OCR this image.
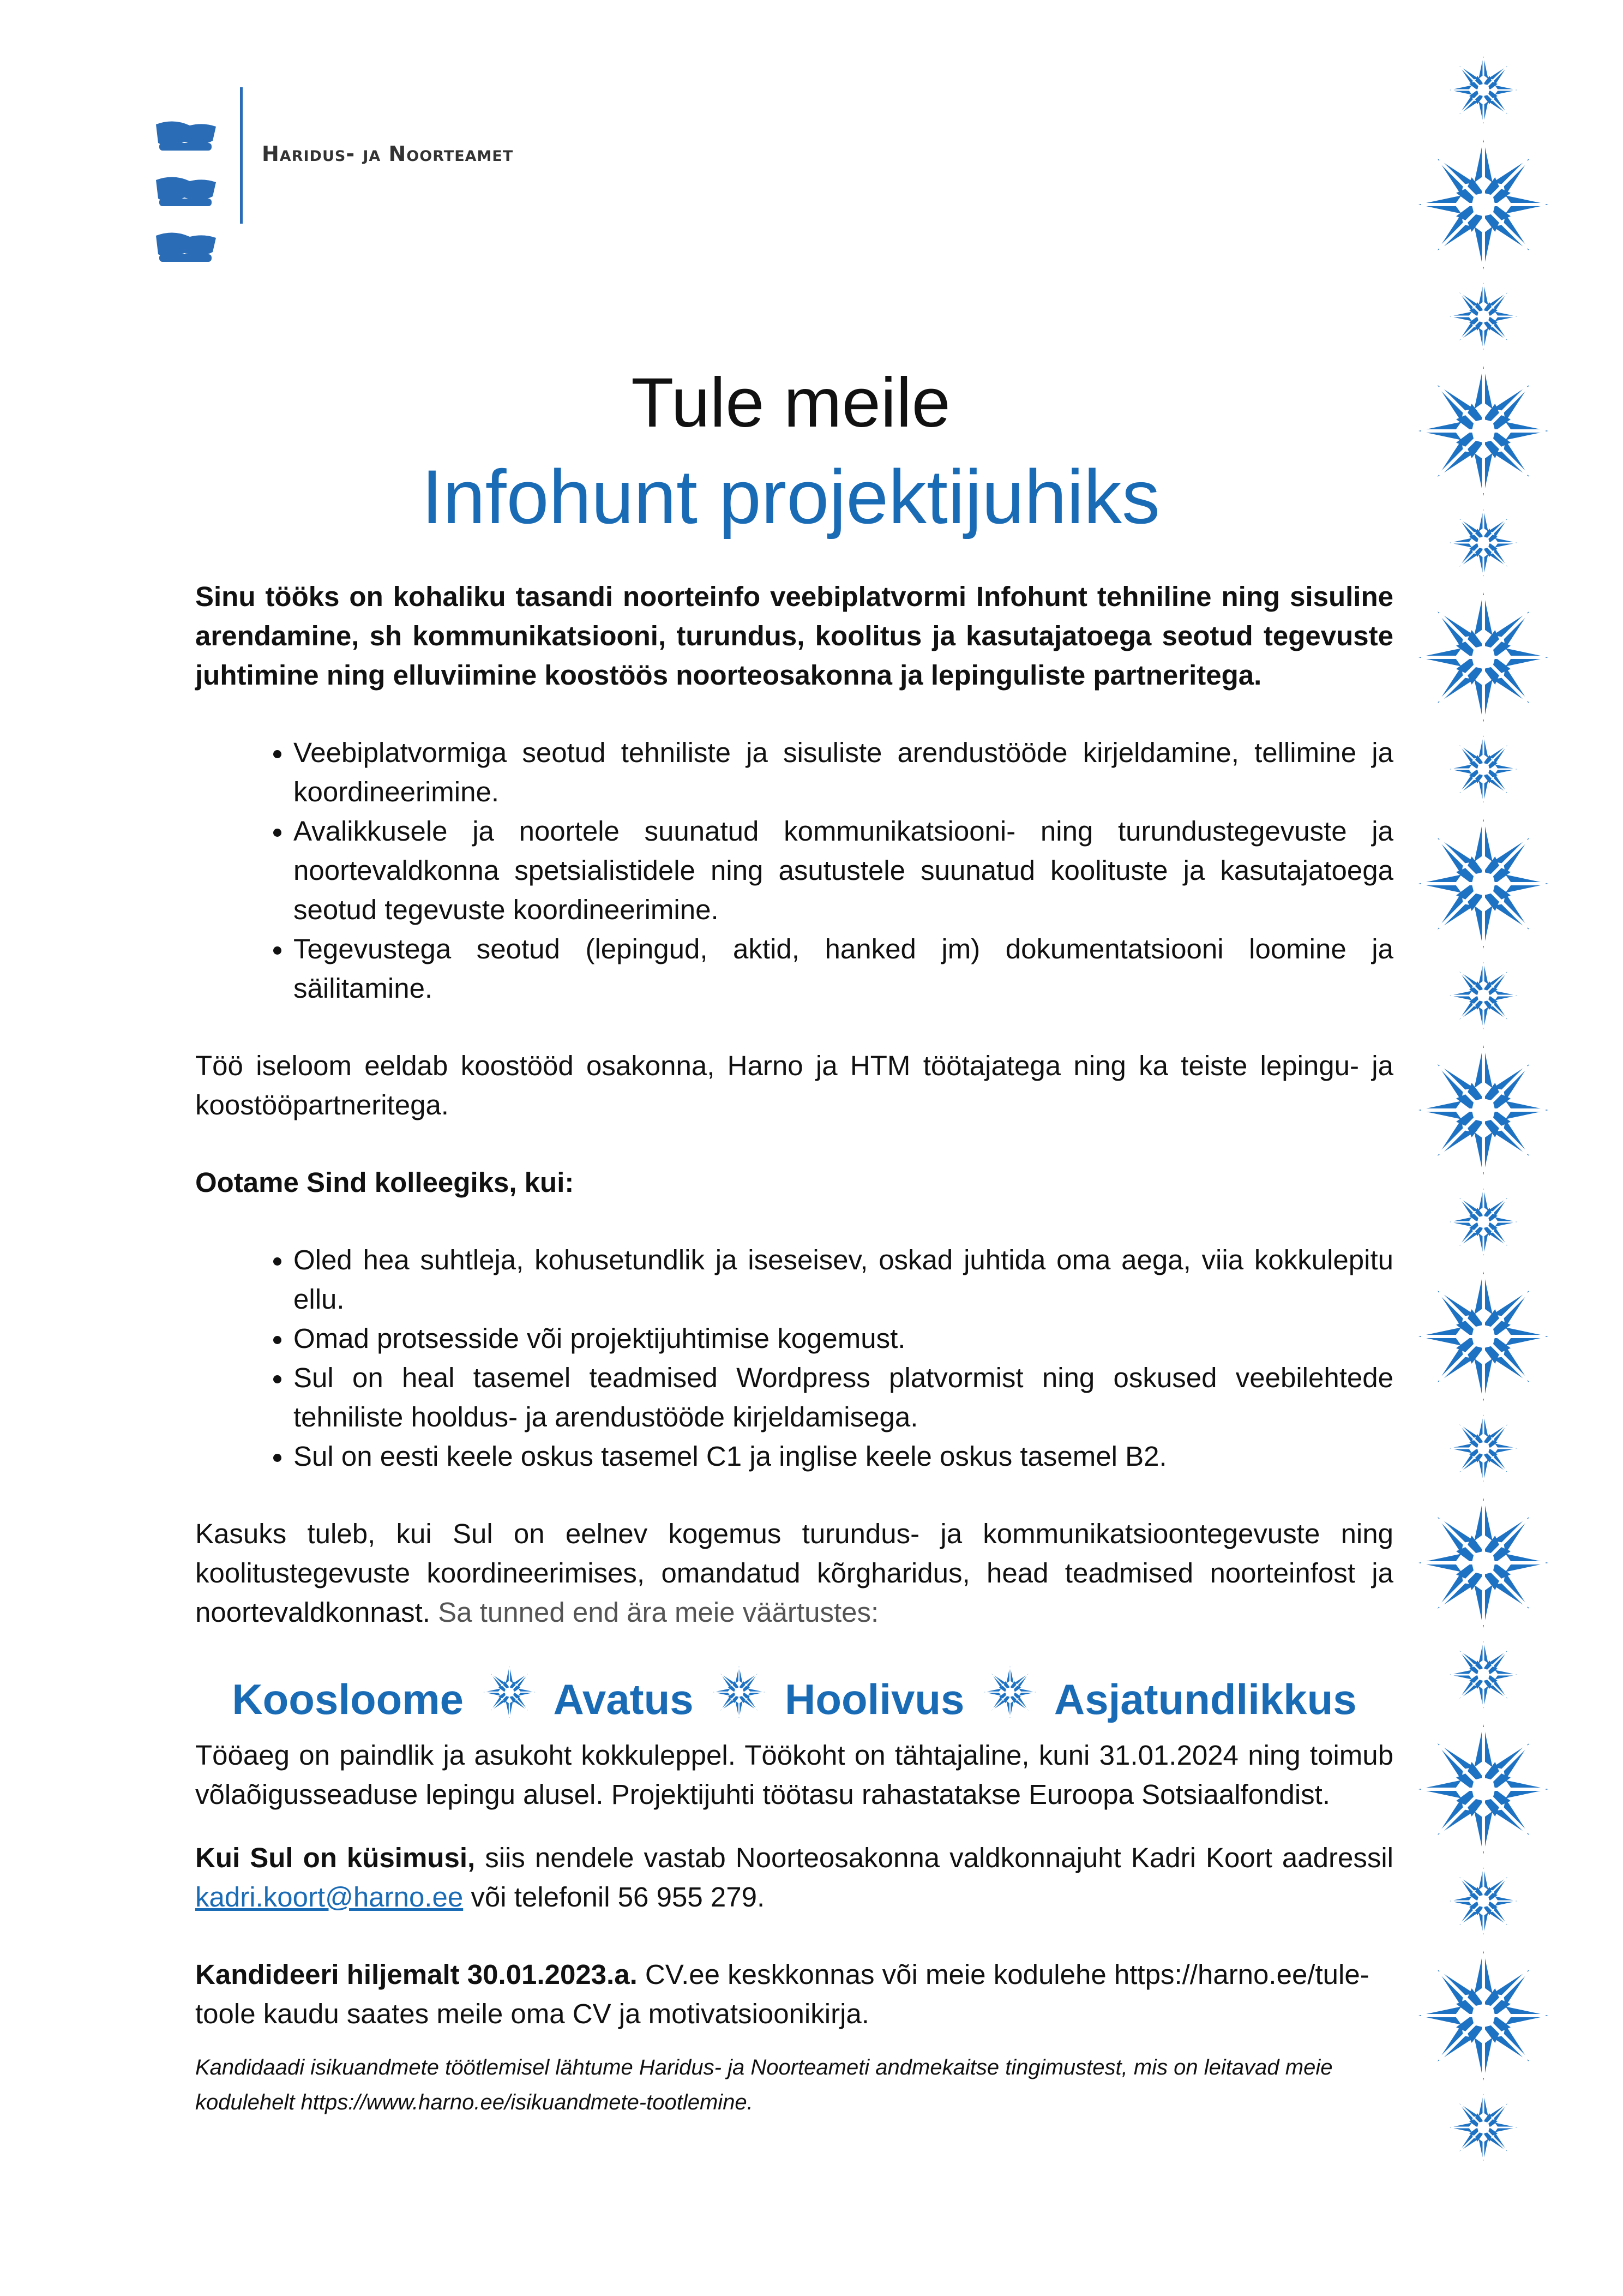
Haridus- ja Noorteamet
Tule meile
Infohunt projektijuhiks

Sinu tööks on kohaliku tasandi noorteinfo veebiplatvormi Infohunt tehniline ning sisuline arendamine, sh kommunikatsiooni, turundus, koolitus ja kasutajatoega seotud tegevuste juhtimine ning elluviimine koostöös noorteosakonna ja lepinguliste partneritega.

• Veebiplatvormiga seotud tehniliste ja sisuliste arendustööde kirjeldamine, tellimine ja koordineerimine.
• Avalikkusele ja noortele suunatud kommunikatsiooni- ning turundustegevuste ja noortevaldkonna spetsialistidele ning asutustele suunatud koolituste ja kasutajatoega seotud tegevuste koordineerimine.
• Tegevustega seotud (lepingud, aktid, hanked jm) dokumentatsiooni loomine ja säilitamine.

Töö iseloom eeldab koostööd osakonna, Harno ja HTM töötajatega ning ka teiste lepingu- ja koostööpartneritega.

Ootame Sind kolleegiks, kui:

• Oled hea suhtleja, kohusetundlik ja iseseisev, oskad juhtida oma aega, viia kokkulepitu ellu.
• Omad protsesside või projektijuhtimise kogemust.
• Sul on heal tasemel teadmised Wordpress platvormist ning oskused veebilehtede tehniliste hooldus- ja arendustööde kirjeldamisega.
• Sul on eesti keele oskus tasemel C1 ja inglise keele oskus tasemel B2.

Kasuks tuleb, kui Sul on eelnev kogemus turundus- ja kommunikatsioontegevuste ning koolitustegevuste koordineerimises, omandatud kõrgharidus, head teadmised noorteinfost ja noortevaldkonnast. Sa tunned end ära meie väärtustes:

Koosloome Avatus Hoolivus Asjatundlikkus

Tööaeg on paindlik ja asukoht kokkuleppel. Töökoht on tähtajaline, kuni 31.01.2024 ning toimub võlaõigusseaduse lepingu alusel. Projektijuhti töötasu rahastatakse Euroopa Sotsiaalfondist.

Kui Sul on küsimusi, siis nendele vastab Noorteosakonna valdkonnajuht Kadri Koort aadressil kadri.koort@harno.ee või telefonil 56 955 279.

Kandideeri hiljemalt 30.01.2023.a. CV.ee keskkonnas või meie kodulehe https://harno.ee/tule-toole kaudu saates meile oma CV ja motivatsioonikirja.

Kandidaadi isikuandmete töötlemisel lähtume Haridus- ja Noorteameti andmekaitse tingimustest, mis on leitavad meie kodulehelt https://www.harno.ee/isikuandmete-tootlemine.
